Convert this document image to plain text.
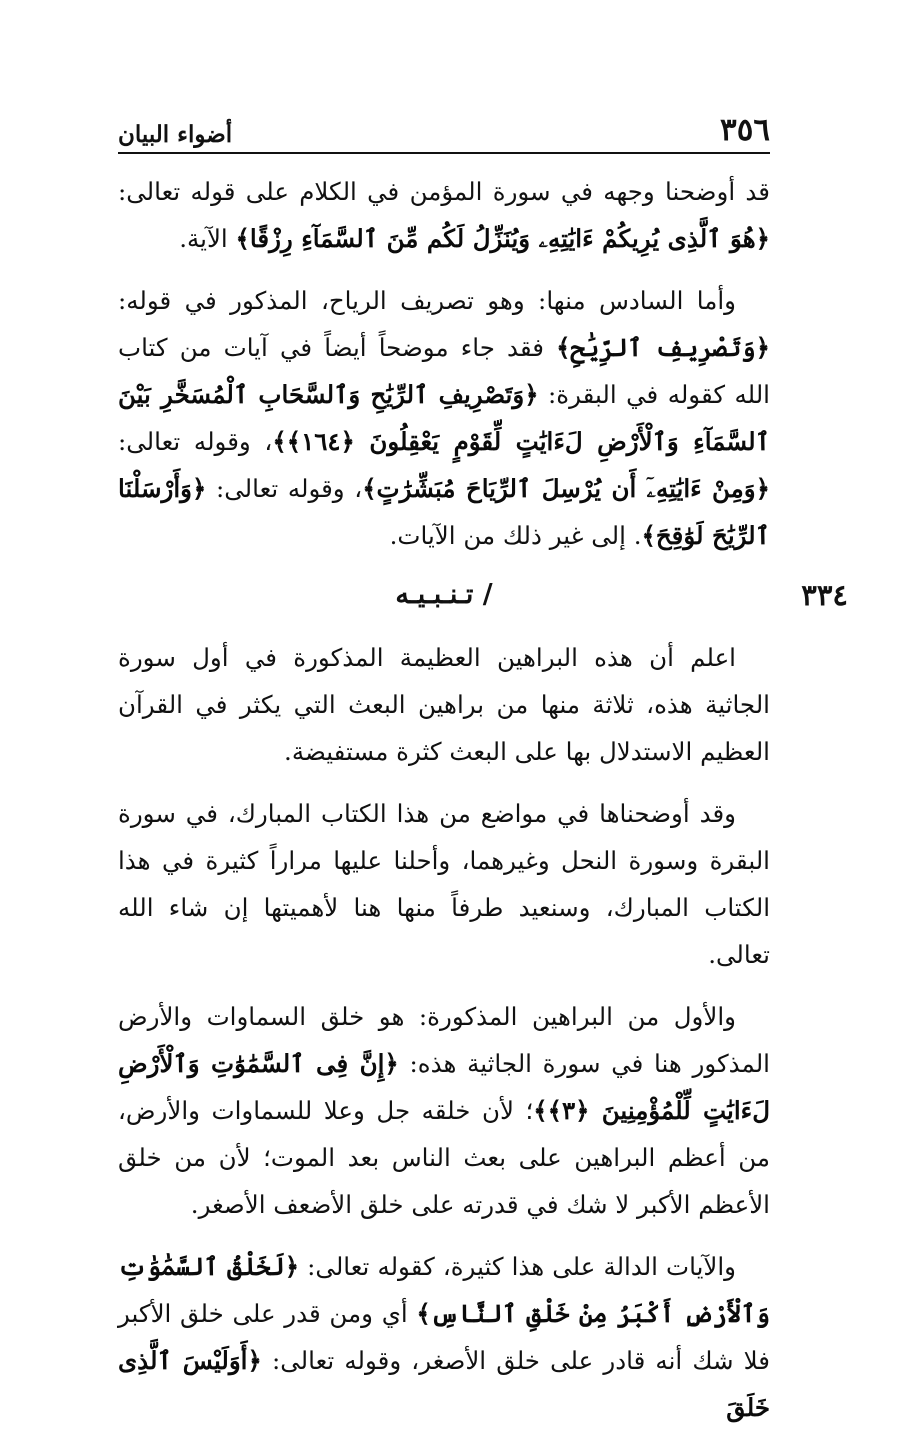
٣٥٦
أضواء البيان

قد أوضحنا وجهه في سورة المؤمن في الكلام على قوله تعالى: ﴿هُوَ ٱلَّذِى يُرِيكُمْ ءَايَٰتِهِۦ وَيُنَزِّلُ لَكُم مِّنَ ٱلسَّمَآءِ رِزْقًا﴾ الآية.

وأما السادس منها: وهو تصريف الرياح، المذكور في قوله: ﴿وَتَصْرِيفِ ٱلرِّيَٰحِ﴾ فقد جاء موضحاً أيضاً في آيات من كتاب الله كقوله في البقرة: ﴿وَتَصْرِيفِ ٱلرِّيَٰحِ وَٱلسَّحَابِ ٱلْمُسَخَّرِ بَيْنَ ٱلسَّمَآءِ وَٱلْأَرْضِ لَءَايَٰتٍ لِّقَوْمٍ يَعْقِلُونَ ﴿١٦٤﴾﴾، وقوله تعالى: ﴿وَمِنْ ءَايَٰتِهِۦٓ أَن يُرْسِلَ ٱلرِّيَاحَ مُبَشِّرَٰتٍ﴾، وقوله تعالى: ﴿وَأَرْسَلْنَا ٱلرِّيَٰحَ لَوَٰقِحَ﴾. إلى غير ذلك من الآيات.

٣٣٤
/ تـنـبـيـه

اعلم أن هذه البراهين العظيمة المذكورة في أول سورة الجاثية هذه، ثلاثة منها من براهين البعث التي يكثر في القرآن العظيم الاستدلال بها على البعث كثرة مستفيضة.

وقد أوضحناها في مواضع من هذا الكتاب المبارك، في سورة البقرة وسورة النحل وغيرهما، وأحلنا عليها مراراً كثيرة في هذا الكتاب المبارك، وسنعيد طرفاً منها هنا لأهميتها إن شاء الله تعالى.

والأول من البراهين المذكورة: هو خلق السماوات والأرض المذكور هنا في سورة الجاثية هذه: ﴿إِنَّ فِى ٱلسَّمَٰوَٰتِ وَٱلْأَرْضِ لَءَايَٰتٍ لِّلْمُؤْمِنِينَ ﴿٣﴾﴾؛ لأن خلقه جل وعلا للسماوات والأرض، من أعظم البراهين على بعث الناس بعد الموت؛ لأن من خلق الأعظم الأكبر لا شك في قدرته على خلق الأضعف الأصغر.

والآيات الدالة على هذا كثيرة، كقوله تعالى: ﴿لَخَلْقُ ٱلسَّمَٰوَٰتِ وَٱلْأَرْضِ أَكْبَرُ مِنْ خَلْقِ ٱلنَّاسِ﴾ أي ومن قدر على خلق الأكبر فلا شك أنه قادر على خلق الأصغر، وقوله تعالى: ﴿أَوَلَيْسَ ٱلَّذِى خَلَقَ
